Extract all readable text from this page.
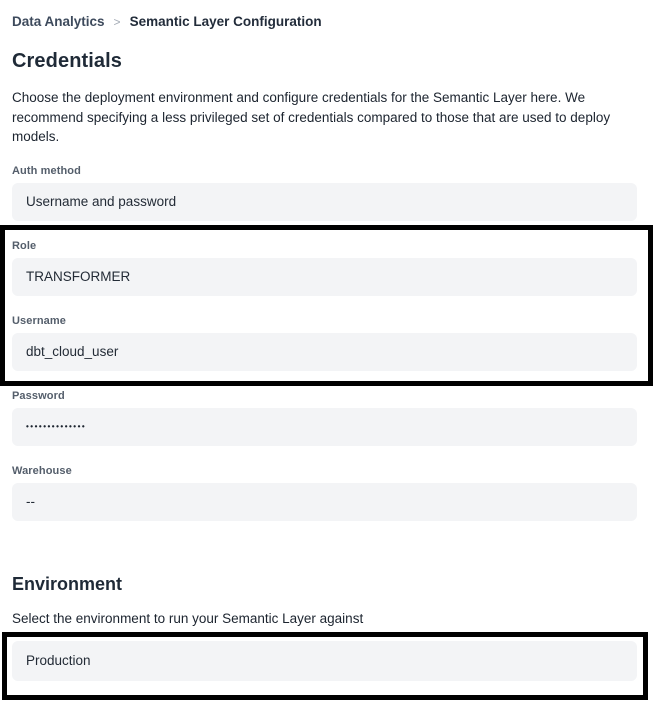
Data Analytics > Semantic Layer Configuration
Credentials

Choose the deployment environment and configure credentials for the Semantic Layer here. We recommend specifying a less privileged set of credentials compared to those that are used to deploy models.

Auth method
Username and password
Role
TRANSFORMER
Username
dbt_cloud_user
Password
••••••••••••••
Warehouse
--
Environment

Select the environment to run your Semantic Layer against

Production
